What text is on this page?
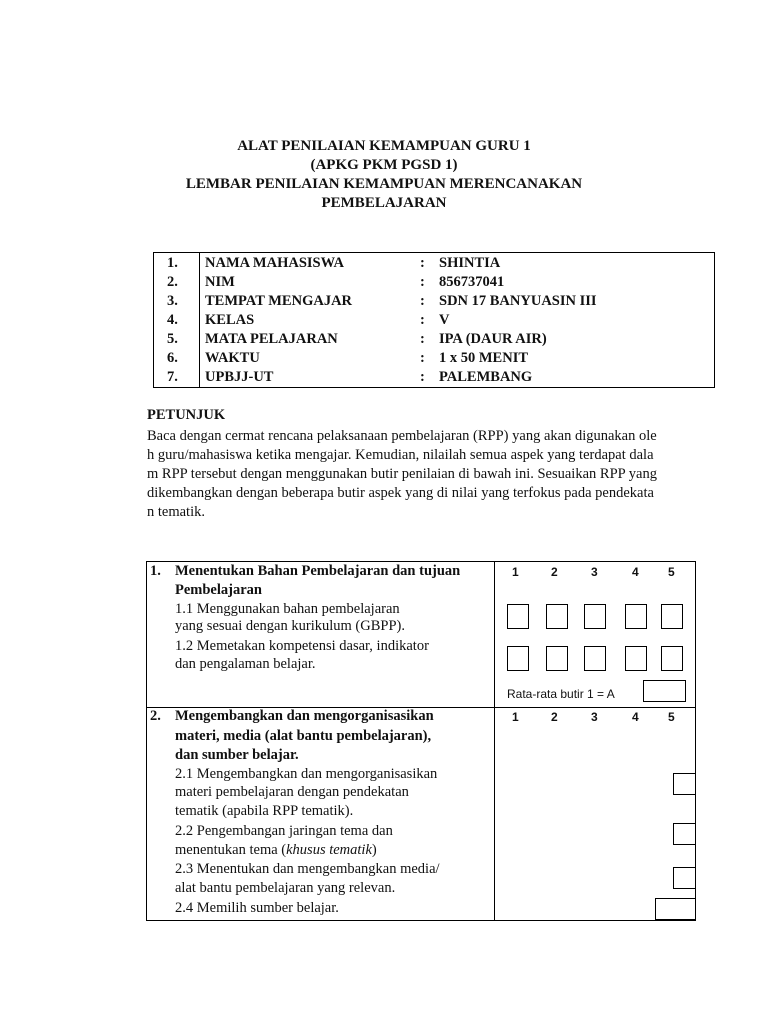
ALAT PENILAIAN KEMAMPUAN GURU 1
(APKG PKM PGSD 1)
LEMBAR PENILAIAN KEMAMPUAN MERENCANAKAN
PEMBELAJARAN
1.	NAMA MAHASISWA	: SHINTIA
2.	NIM	: 856737041
3.	TEMPAT MENGAJAR	: SDN 17 BANYUASIN III
4.	KELAS	: V
5.	MATA PELAJARAN	: IPA (DAUR AIR)
6.	WAKTU	: 1 x 50 MENIT
7.	UPBJJ-UT	: PALEMBANG
PETUNJUK
Baca dengan cermat rencana pelaksanaan pembelajaran (RPP) yang akan digunakan ole
h guru/mahasiswa ketika mengajar. Kemudian, nilailah semua aspek yang terdapat dala
m RPP tersebut dengan menggunakan butir penilaian di bawah ini. Sesuaikan RPP yang
dikembangkan dengan beberapa butir aspek yang di nilai yang terfokus pada pendekata
n tematik.
1. Menentukan Bahan Pembelajaran dan tujuan
Pembelajaran
1.1 Menggunakan bahan pembelajaran
yang sesuai dengan kurikulum (GBPP).
1.2 Memetakan kompetensi dasar, indikator
dan pengalaman belajar.
1	2	3	4 5
Rata-rata butir 1 = A
2. Mengembangkan dan mengorganisasikan
materi, media (alat bantu pembelajaran),
dan sumber belajar.
2.1 Mengembangkan dan mengorganisasikan
materi pembelajaran dengan pendekatan
tematik (apabila RPP tematik).
2.2 Pengembangan jaringan tema dan
menentukan tema (khusus tematik)
2.3 Menentukan dan mengembangkan media/
alat bantu pembelajaran yang relevan.
2.4 Memilih sumber belajar.
1	2	3	4 5
